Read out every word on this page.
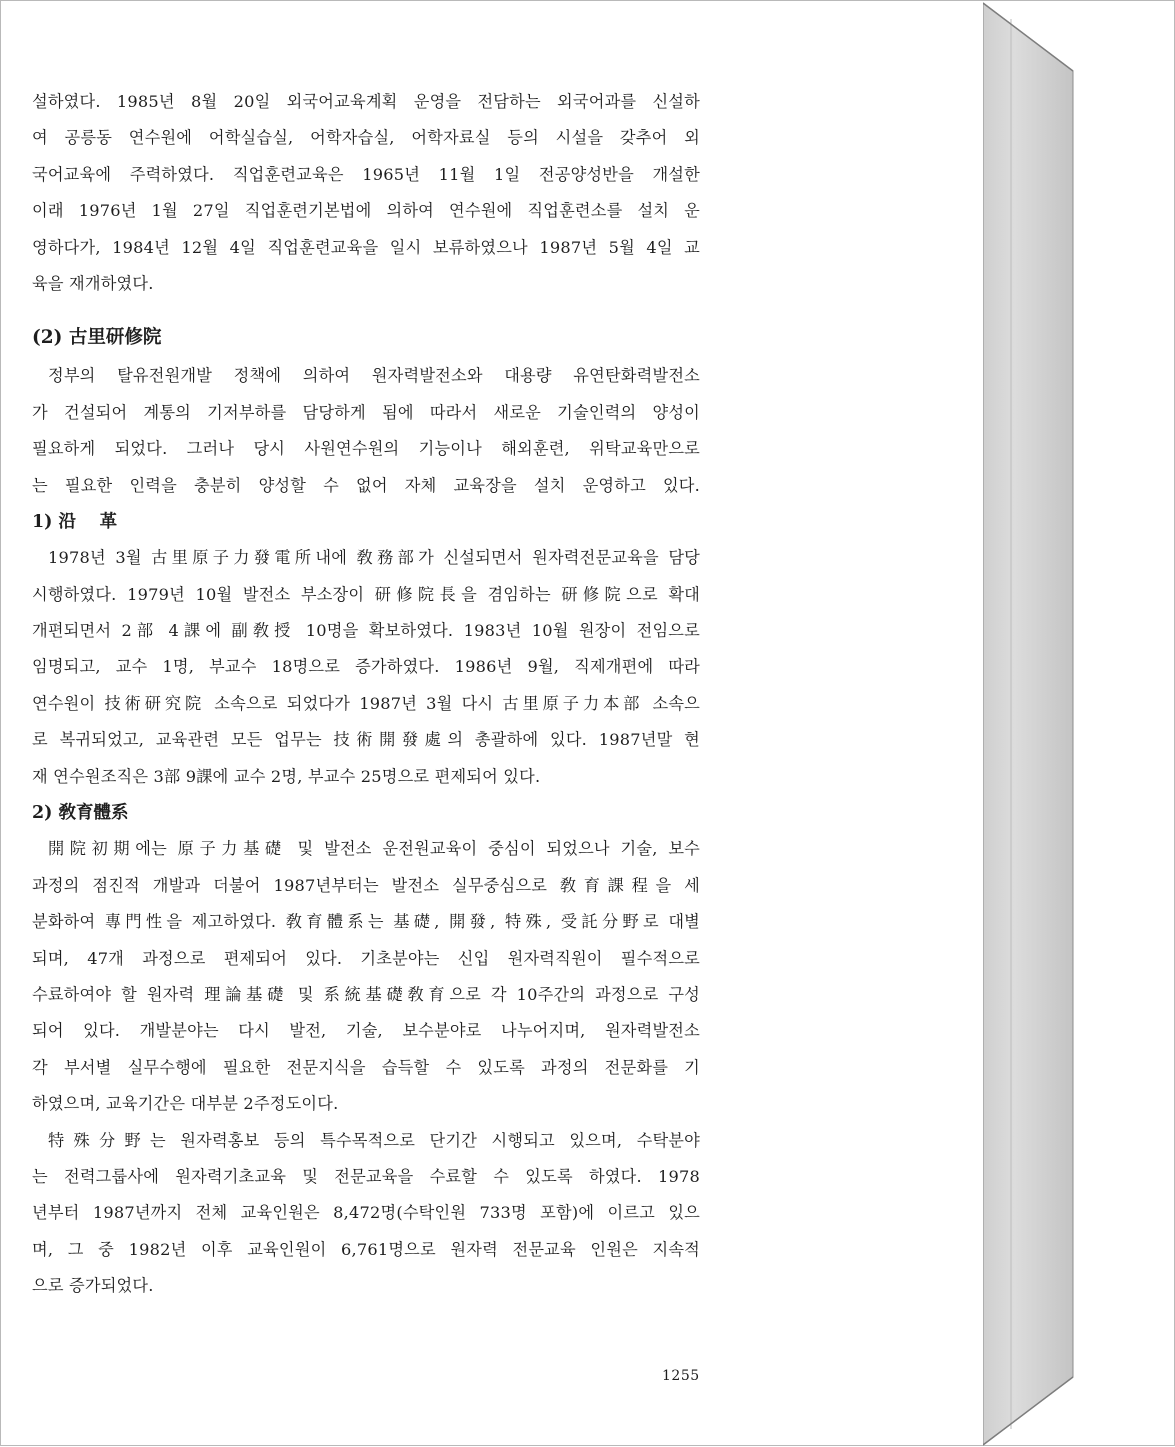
설하였다. 1985년 8월 20일 외국어교육계획 운영을 전담하는 외국어과를 신설하
여 공릉동 연수원에 어학실습실, 어학자습실, 어학자료실 등의 시설을 갖추어 외
국어교육에 주력하였다. 직업훈련교육은 1965년 11월 1일 전공양성반을 개설한
이래 1976년 1월 27일 직업훈련기본법에 의하여 연수원에 직업훈련소를 설치 운
영하다가, 1984년 12월 4일 직업훈련교육을 일시 보류하였으나 1987년 5월 4일 교
육을 재개하였다.
(2) 古里研修院
정부의 탈유전원개발 정책에 의하여 원자력발전소와 대용량 유연탄화력발전소
가 건설되어 계통의 기저부하를 담당하게 됨에 따라서 새로운 기술인력의 양성이
필요하게 되었다. 그러나 당시 사원연수원의 기능이나 해외훈련, 위탁교육만으로
는 필요한 인력을 충분히 양성할 수 없어 자체 교육장을 설치 운영하고 있다.
1) 沿　 革
1978년 3월 古里原子力發電所내에 敎務部가 신설되면서 원자력전문교육을 담당
시행하였다. 1979년 10월 발전소 부소장이 研修院長을 겸임하는 研修院으로 확대
개편되면서 2部 4課에 副敎授 10명을 확보하였다. 1983년 10월 원장이 전임으로
임명되고, 교수 1명, 부교수 18명으로 증가하였다. 1986년 9월, 직제개편에 따라
연수원이 技術研究院 소속으로 되었다가 1987년 3월 다시 古里原子力本部 소속으
로 복귀되었고, 교육관련 모든 업무는 技術開發處의 총괄하에 있다. 1987년말 현
재 연수원조직은 3部 9課에 교수 2명, 부교수 25명으로 편제되어 있다.
2) 敎育體系
開院初期에는 原子力基礎 및 발전소 운전원교육이 중심이 되었으나 기술, 보수
과정의 점진적 개발과 더불어 1987년부터는 발전소 실무중심으로 敎育課程을 세
분화하여 專門性을 제고하였다. 敎育體系는 基礎, 開發, 特殊, 受託分野로 대별
되며, 47개 과정으로 편제되어 있다. 기초분야는 신입 원자력직원이 필수적으로
수료하여야 할 원자력 理論基礎 및 系統基礎敎育으로 각 10주간의 과정으로 구성
되어 있다. 개발분야는 다시 발전, 기술, 보수분야로 나누어지며, 원자력발전소
각 부서별 실무수행에 필요한 전문지식을 습득할 수 있도록 과정의 전문화를 기
하였으며, 교육기간은 대부분 2주정도이다.
特殊分野는 원자력홍보 등의 특수목적으로 단기간 시행되고 있으며, 수탁분야
는 전력그룹사에 원자력기초교육 및 전문교육을 수료할 수 있도록 하였다. 1978
년부터 1987년까지 전체 교육인원은 8,472명(수탁인원 733명 포함)에 이르고 있으
며, 그 중 1982년 이후 교육인원이 6,761명으로 원자력 전문교육 인원은 지속적
으로 증가되었다.
1255
